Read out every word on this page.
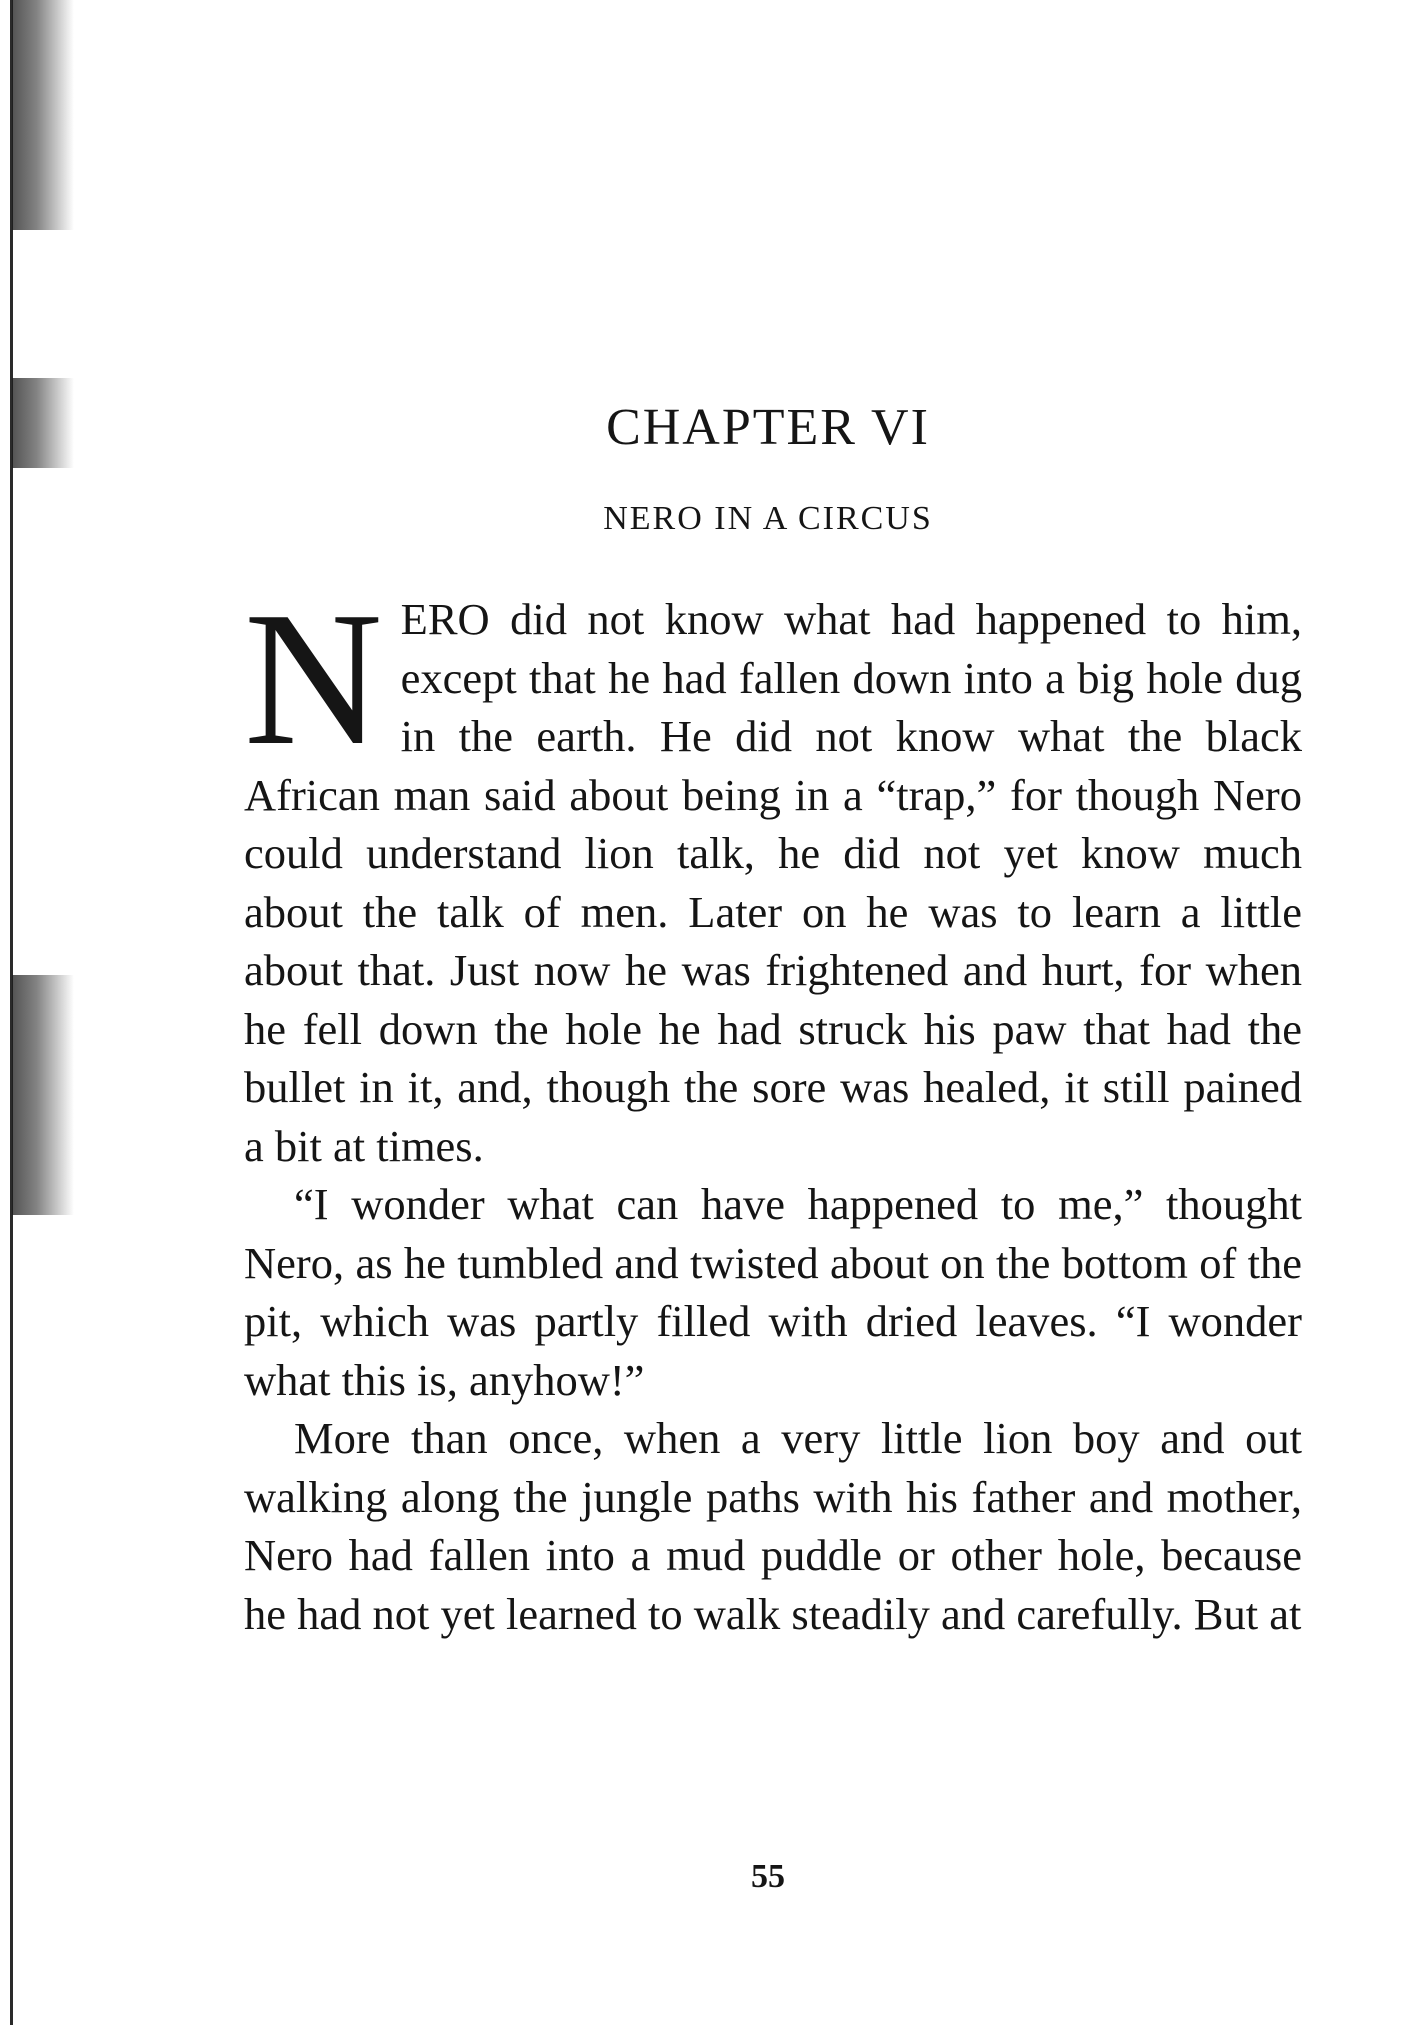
CHAPTER VI
NERO IN A CIRCUS

NERO did not know what had happened to him, except that he had fallen down into a big hole dug in the earth. He did not know what the black African man said about being in a “trap,” for though Nero could understand lion talk, he did not yet know much about the talk of men. Later on he was to learn a little about that. Just now he was frightened and hurt, for when he fell down the hole he had struck his paw that had the bullet in it, and, though the sore was healed, it still pained a bit at times.

“I wonder what can have happened to me,” thought Nero, as he tumbled and twisted about on the bottom of the pit, which was partly filled with dried leaves. “I wonder what this is, anyhow!”

More than once, when a very little lion boy and out walking along the jungle paths with his father and mother, Nero had fallen into a mud puddle or other hole, because he had not yet learned to walk steadily and carefully. But at

55
